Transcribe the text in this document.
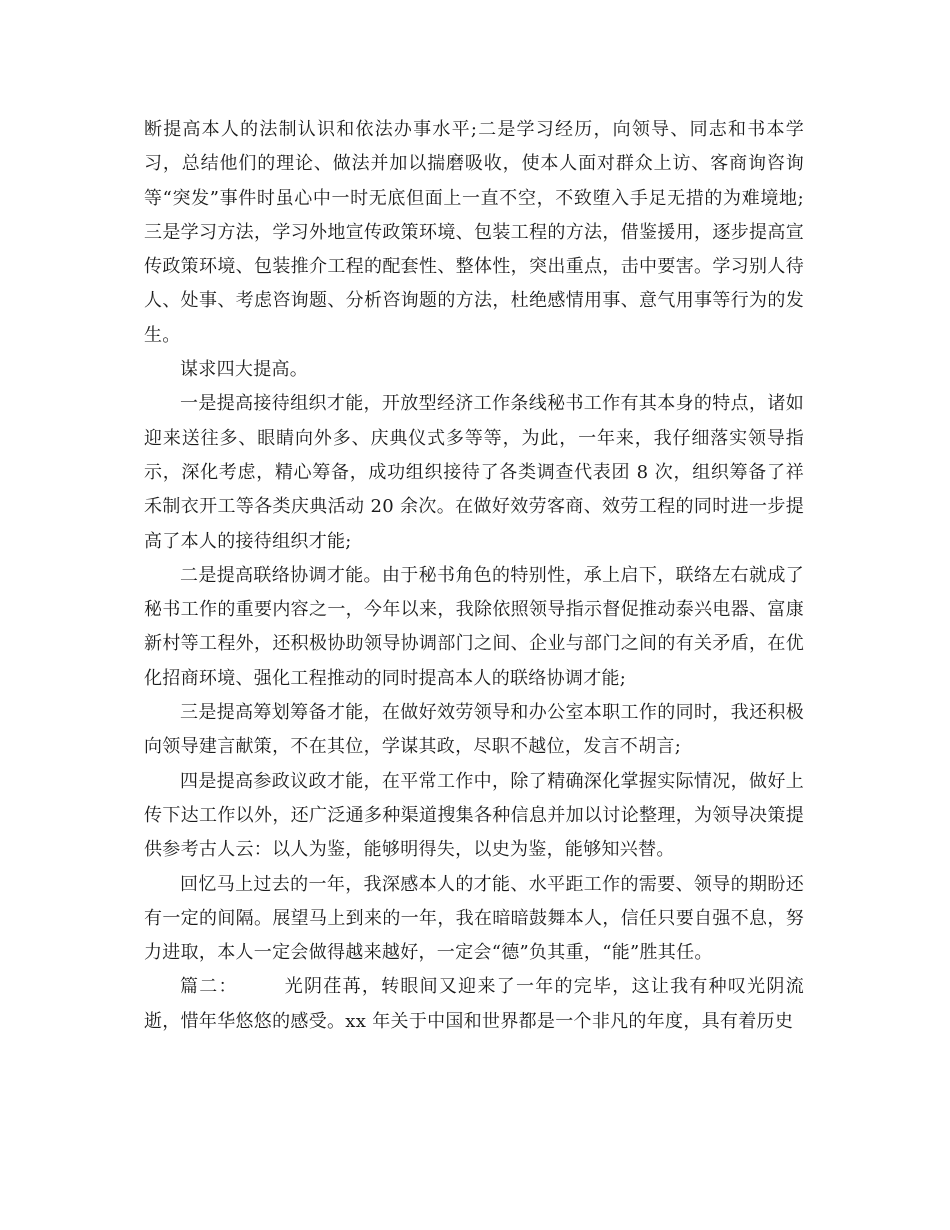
断提高本人的法制认识和依法办事水平;二是学习经历，向领导、同志和书本学习，总结他们的理论、做法并加以揣磨吸收，使本人面对群众上访、客商询咨询等“突发”事件时虽心中一时无底但面上一直不空，不致堕入手足无措的为难境地;三是学习方法，学习外地宣传政策环境、包装工程的方法，借鉴援用，逐步提高宣传政策环境、包装推介工程的配套性、整体性，突出重点，击中要害。学习别人待人、处事、考虑咨询题、分析咨询题的方法，杜绝感情用事、意气用事等行为的发生。

谋求四大提高。

一是提高接待组织才能，开放型经济工作条线秘书工作有其本身的特点，诸如迎来送往多、眼睛向外多、庆典仪式多等等，为此，一年来，我仔细落实领导指示，深化考虑，精心筹备，成功组织接待了各类调查代表团 8 次，组织筹备了祥禾制衣开工等各类庆典活动 20 余次。在做好效劳客商、效劳工程的同时进一步提高了本人的接待组织才能;

二是提高联络协调才能。由于秘书角色的特别性，承上启下，联络左右就成了秘书工作的重要内容之一，今年以来，我除依照领导指示督促推动泰兴电器、富康新村等工程外，还积极协助领导协调部门之间、企业与部门之间的有关矛盾，在优化招商环境、强化工程推动的同时提高本人的联络协调才能;

三是提高筹划筹备才能，在做好效劳领导和办公室本职工作的同时，我还积极向领导建言献策，不在其位，学谋其政，尽职不越位，发言不胡言;

四是提高参政议政才能，在平常工作中，除了精确深化掌握实际情况，做好上传下达工作以外，还广泛通多种渠道搜集各种信息并加以讨论整理，为领导决策提供参考古人云：以人为鉴，能够明得失，以史为鉴，能够知兴替。

回忆马上过去的一年，我深感本人的才能、水平距工作的需要、领导的期盼还有一定的间隔。展望马上到来的一年，我在暗暗鼓舞本人，信任只要自强不息，努力进取，本人一定会做得越来越好，一定会“德”负其重，“能”胜其任。

篇二：	光阴荏苒，转眼间又迎来了一年的完毕，这让我有种叹光阴流逝，惜年华悠悠的感受。xx 年关于中国和世界都是一个非凡的年度，具有着历史
